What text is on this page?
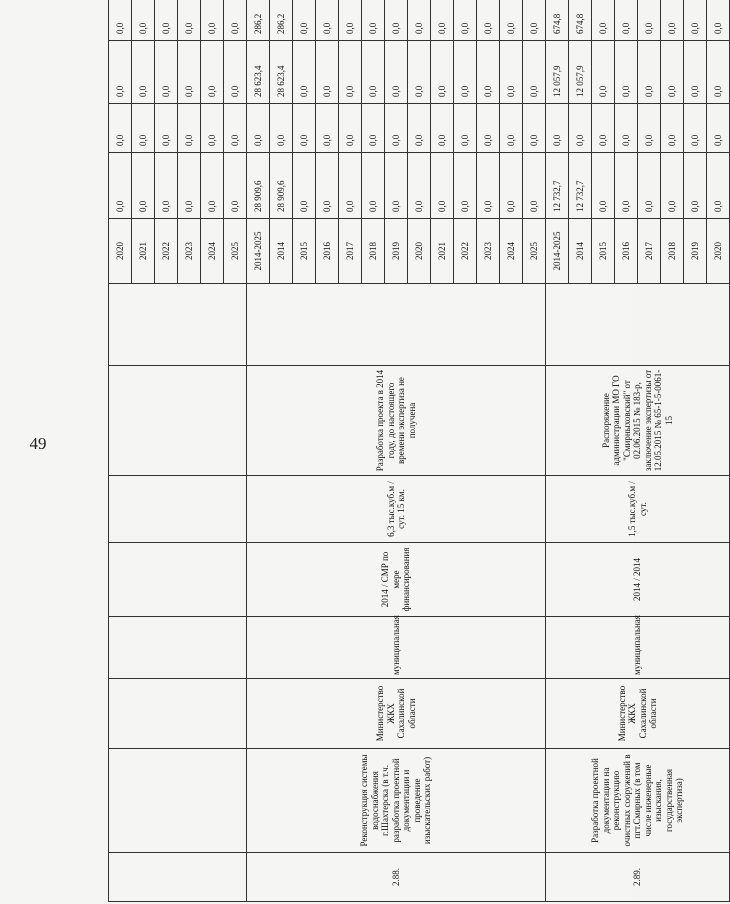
49
								2020	0,0	0,0	0,0	0,0		
								2021	0,0	0,0	0,0	0,0	
								2022	0,0	0,0	0,0	0,0	
								2023	0,0	0,0	0,0	0,0	
								2024	0,0	0,0	0,0	0,0	
								2025	0,0	0,0	0,0	0,0	
2.88.	Реконструкция системы водоснабжения г.Шахтерска (в т.ч. разработка проектной документации и проведение изыскательских работ)	Министерство ЖКХ Сахалинской области	муниципальная	2014 / СМР по мере финансирования	6,3 тыс.куб.м /сут. 15 км.	Разработка проекта в 2014 году, до настоящего времени экспертиза не получена		2014-2025	28 909,6	0,0	28 623,4	286,2		
								2014	28 909,6	0,0	28 623,4	286,2	
								2015	0,0	0,0	0,0	0,0	
								2016	0,0	0,0	0,0	0,0	
								2017	0,0	0,0	0,0	0,0	
								2018	0,0	0,0	0,0	0,0	
								2019	0,0	0,0	0,0	0,0	
								2020	0,0	0,0	0,0	0,0	
								2021	0,0	0,0	0,0	0,0	
								2022	0,0	0,0	0,0	0,0	
								2023	0,0	0,0	0,0	0,0	
								2024	0,0	0,0	0,0	0,0	
								2025	0,0	0,0	0,0	0,0	
2.89.	Разработка проектной документации на реконструкцию очистных сооружений в пгт.Смирных (в том числе инженерные изыскания, государственная экспертиза)	Министерство ЖКХ Сахалинской области	муниципальная	2014 / 2014	1,5 тыс.куб.м /сут.	Распоряжение администрации МО ГО "Смирныховский" от 02.06.2015 № 183-р, заключение экспертизы от 12.05.2015 № 65-1-5-0061-15		2014-2025	12 732,7	0,0	12 057,9	674,8		
								2014	12 732,7	0,0	12 057,9	674,8	
								2015	0,0	0,0	0,0	0,0	
								2016	0,0	0,0	0,0	0,0	
								2017	0,0	0,0	0,0	0,0	
								2018	0,0	0,0	0,0	0,0	
								2019	0,0	0,0	0,0	0,0	
								2020	0,0	0,0	0,0	0,0	
